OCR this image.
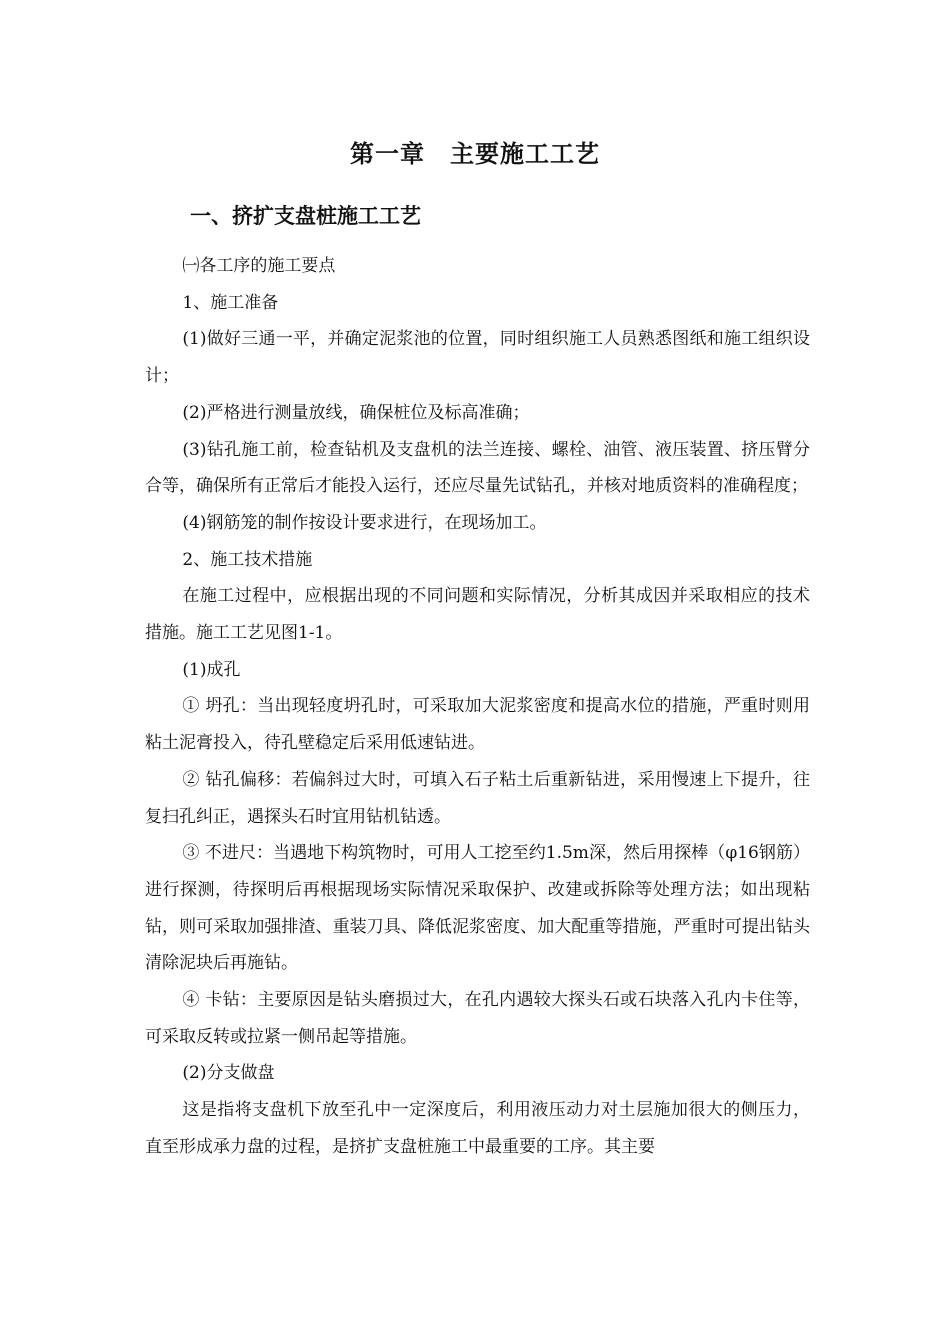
第一章　主要施工工艺
一、挤扩支盘桩施工工艺

㈠各工序的施工要点

1、施工准备

(1)做好三通一平，并确定泥浆池的位置，同时组织施工人员熟悉图纸和施工组织设计；

(2)严格进行测量放线，确保桩位及标高准确；

(3)钻孔施工前，检查钻机及支盘机的法兰连接、螺栓、油管、液压装置、挤压臂分合等，确保所有正常后才能投入运行，还应尽量先试钻孔，并核对地质资料的准确程度；

(4)钢筋笼的制作按设计要求进行，在现场加工。

2、施工技术措施

在施工过程中，应根据出现的不同问题和实际情况，分析其成因并采取相应的技术措施。施工工艺见图1-1。

(1)成孔

① 坍孔：当出现轻度坍孔时，可采取加大泥浆密度和提高水位的措施，严重时则用粘土泥膏投入，待孔壁稳定后采用低速钻进。

② 钻孔偏移：若偏斜过大时，可填入石子粘土后重新钻进，采用慢速上下提升，往复扫孔纠正，遇探头石时宜用钻机钻透。

③ 不进尺：当遇地下构筑物时，可用人工挖至约1.5m深，然后用探棒（φ16钢筋）进行探测，待探明后再根据现场实际情况采取保护、改建或拆除等处理方法；如出现粘钻，则可采取加强排渣、重装刀具、降低泥浆密度、加大配重等措施，严重时可提出钻头清除泥块后再施钻。

④ 卡钻：主要原因是钻头磨损过大，在孔内遇较大探头石或石块落入孔内卡住等，可采取反转或拉紧一侧吊起等措施。

(2)分支做盘

这是指将支盘机下放至孔中一定深度后，利用液压动力对土层施加很大的侧压力，直至形成承力盘的过程，是挤扩支盘桩施工中最重要的工序。其主要
